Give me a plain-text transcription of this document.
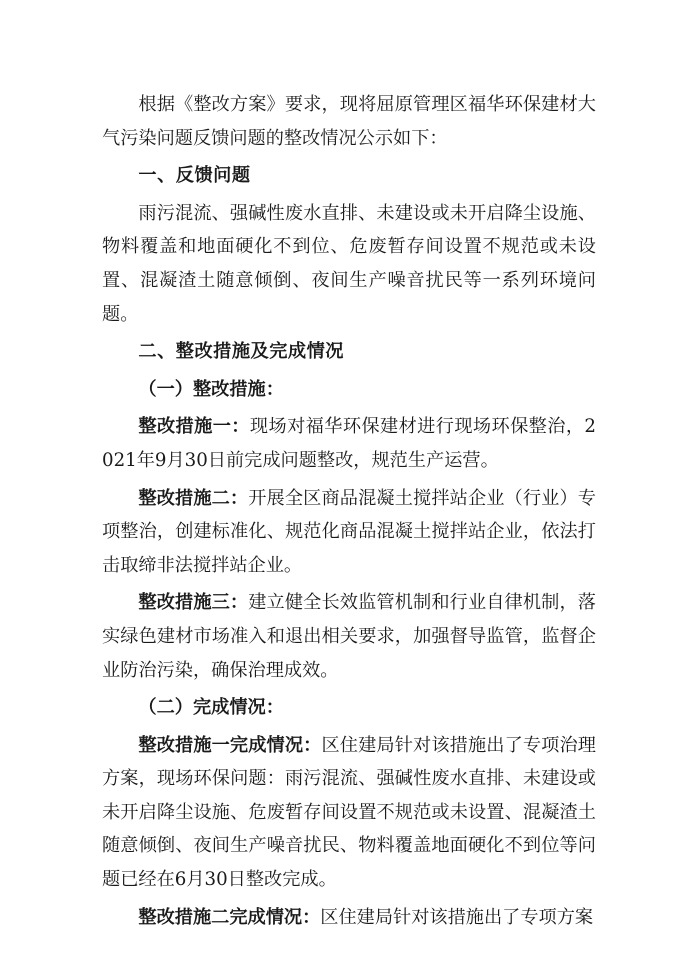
根据《整改方案》要求，现将屈原管理区福华环保建材大气污染问题反馈问题的整改情况公示如下：

一、反馈问题

雨污混流、强碱性废水直排、未建设或未开启降尘设施、物料覆盖和地面硬化不到位、危废暂存间设置不规范或未设置、混凝渣土随意倾倒、夜间生产噪音扰民等一系列环境问题。

二、整改措施及完成情况

（一）整改措施：

整改措施一：现场对福华环保建材进行现场环保整治，2021年9月30日前完成问题整改，规范生产运营。

整改措施二：开展全区商品混凝土搅拌站企业（行业）专项整治，创建标准化、规范化商品混凝土搅拌站企业，依法打击取缔非法搅拌站企业。

整改措施三：建立健全长效监管机制和行业自律机制，落实绿色建材市场准入和退出相关要求，加强督导监管，监督企业防治污染，确保治理成效。

（二）完成情况：

整改措施一完成情况：区住建局针对该措施出了专项治理方案，现场环保问题：雨污混流、强碱性废水直排、未建设或未开启降尘设施、危废暂存间设置不规范或未设置、混凝渣土随意倾倒、夜间生产噪音扰民、物料覆盖地面硬化不到位等问题已经在6月30日整改完成。

整改措施二完成情况：区住建局针对该措施出了专项方案
